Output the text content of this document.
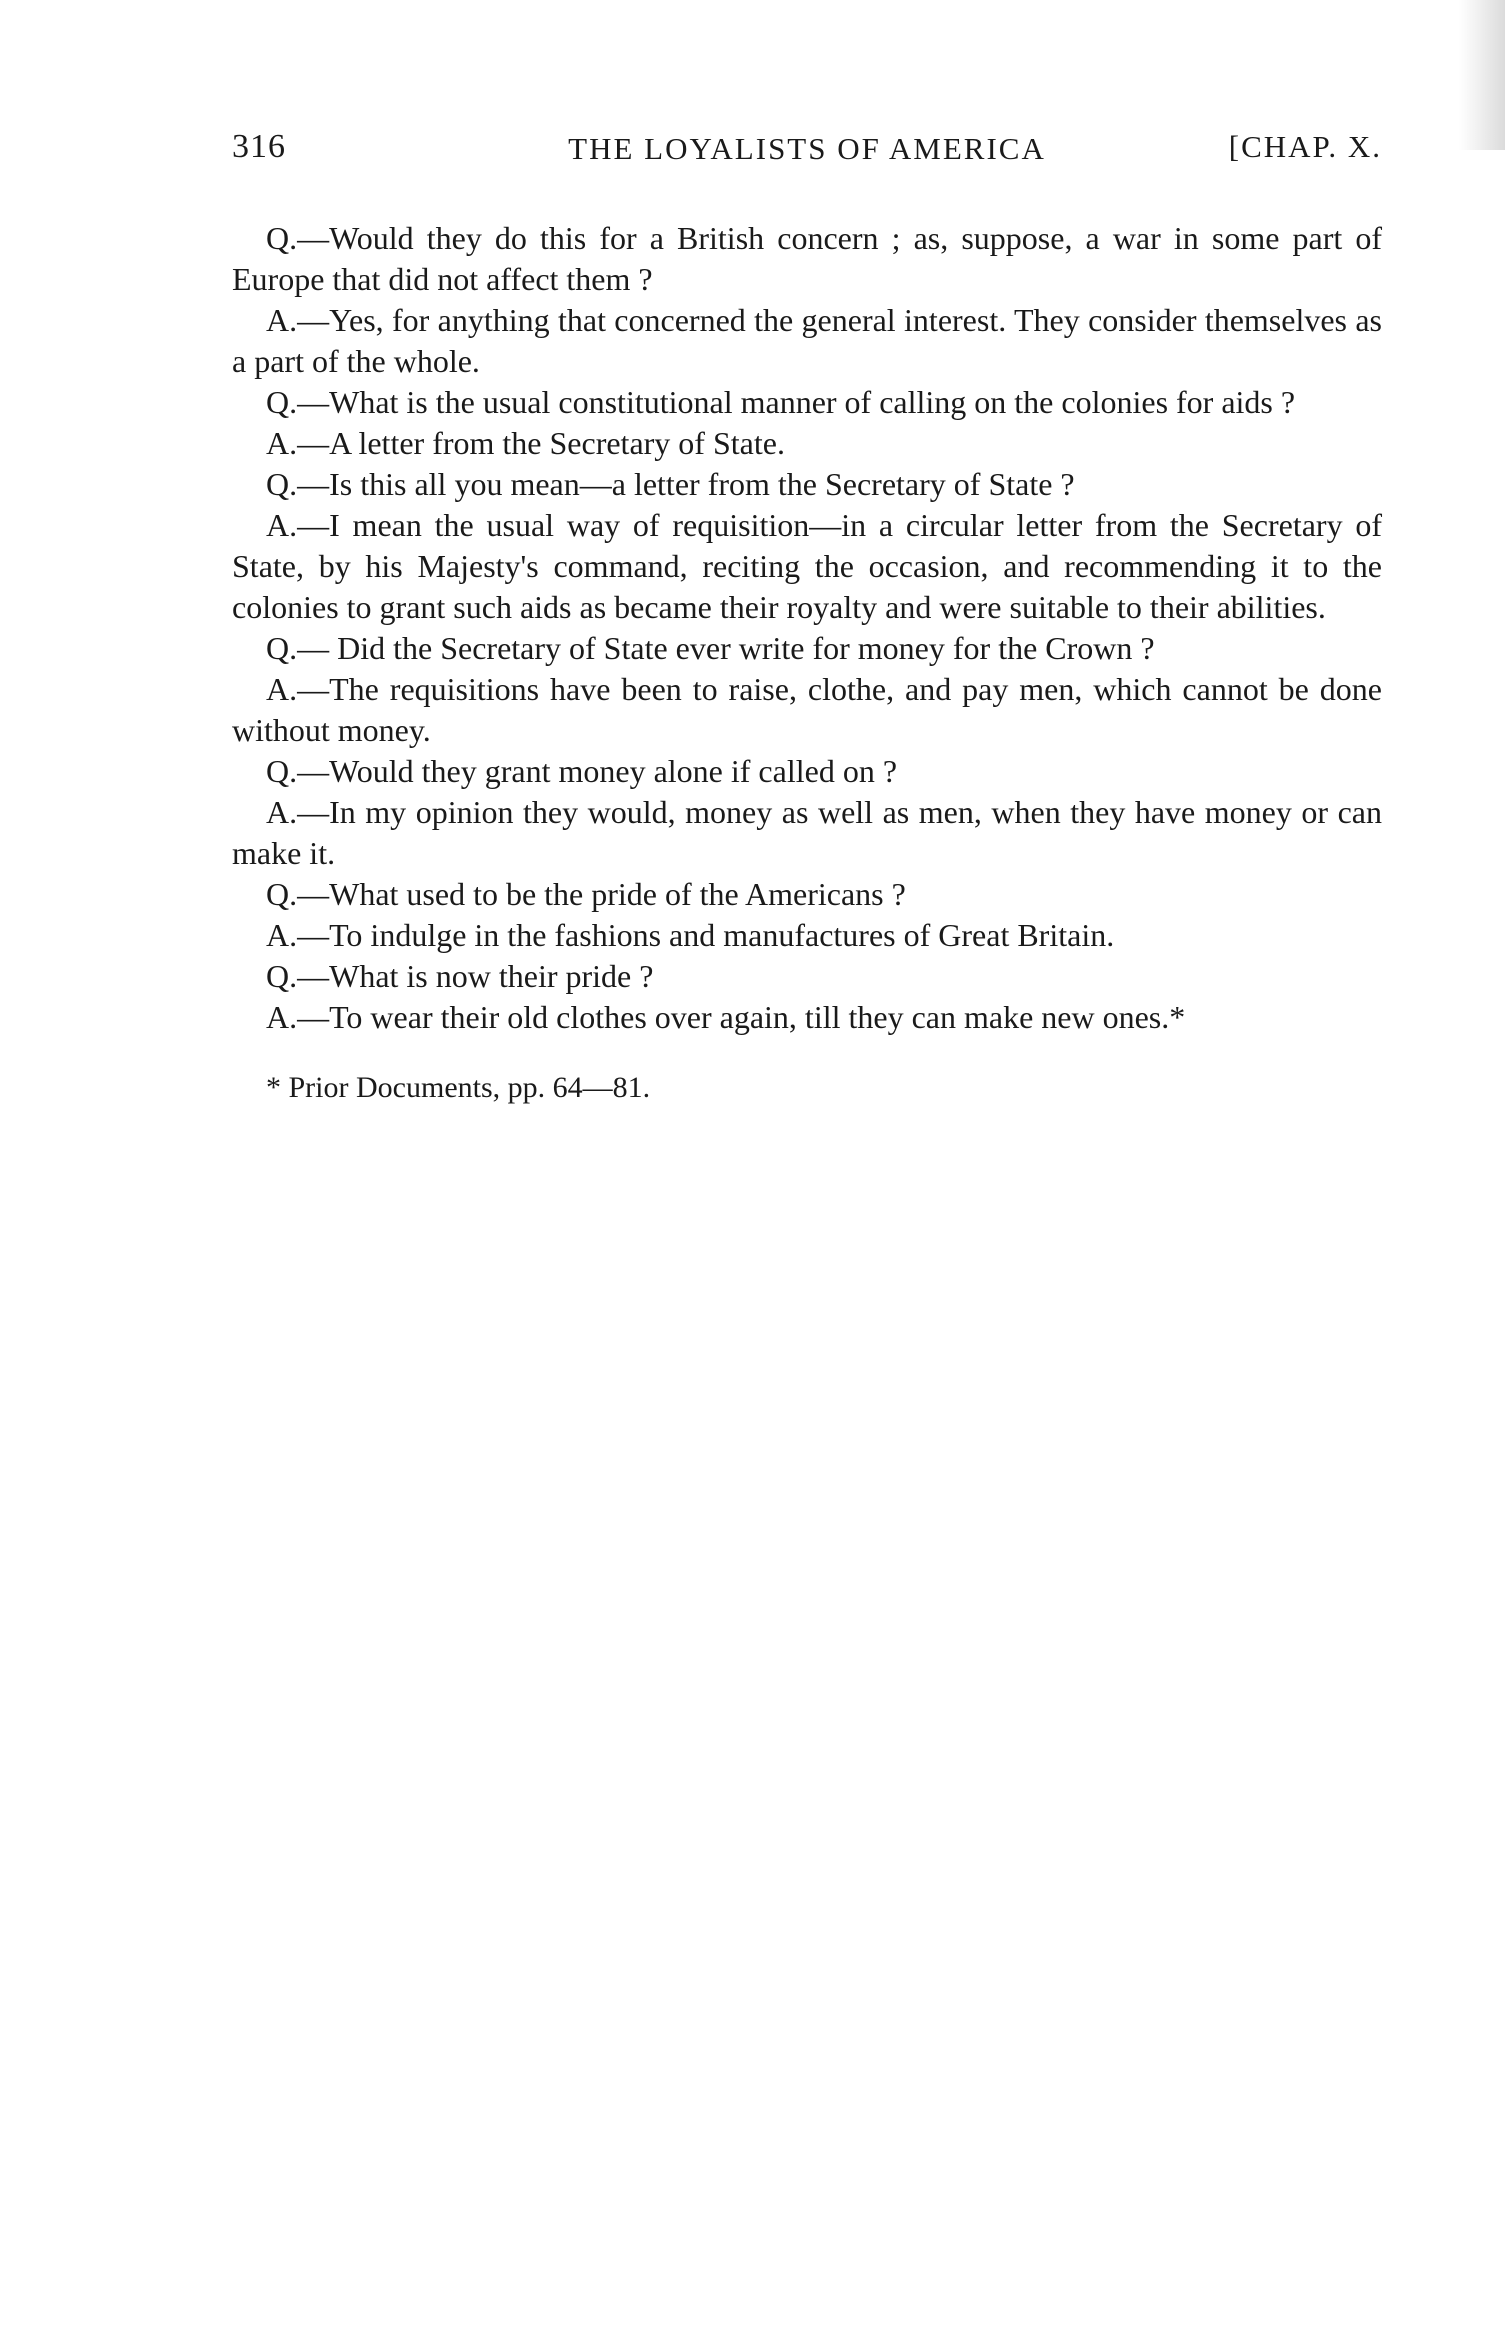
316	THE LOYALISTS OF AMERICA	[CHAP. X.

Q.—Would they do this for a British concern ; as, suppose, a war in some part of Europe that did not affect them ?

A.—Yes, for anything that concerned the general interest. They consider themselves as a part of the whole.

Q.—What is the usual constitutional manner of calling on the colonies for aids ?

A.—A letter from the Secretary of State.

Q.—Is this all you mean—a letter from the Secretary of State ?

A.—I mean the usual way of requisition—in a circular letter from the Secretary of State, by his Majesty's command, reciting the occasion, and recommending it to the colonies to grant such aids as became their royalty and were suitable to their abilities.

Q.— Did the Secretary of State ever write for money for the Crown ?

A.—The requisitions have been to raise, clothe, and pay men, which cannot be done without money.

Q.—Would they grant money alone if called on ?

A.—In my opinion they would, money as well as men, when they have money or can make it.

Q.—What used to be the pride of the Americans ?

A.—To indulge in the fashions and manufactures of Great Britain.

Q.—What is now their pride ?

A.—To wear their old clothes over again, till they can make new ones.*

* Prior Documents, pp. 64—81.
